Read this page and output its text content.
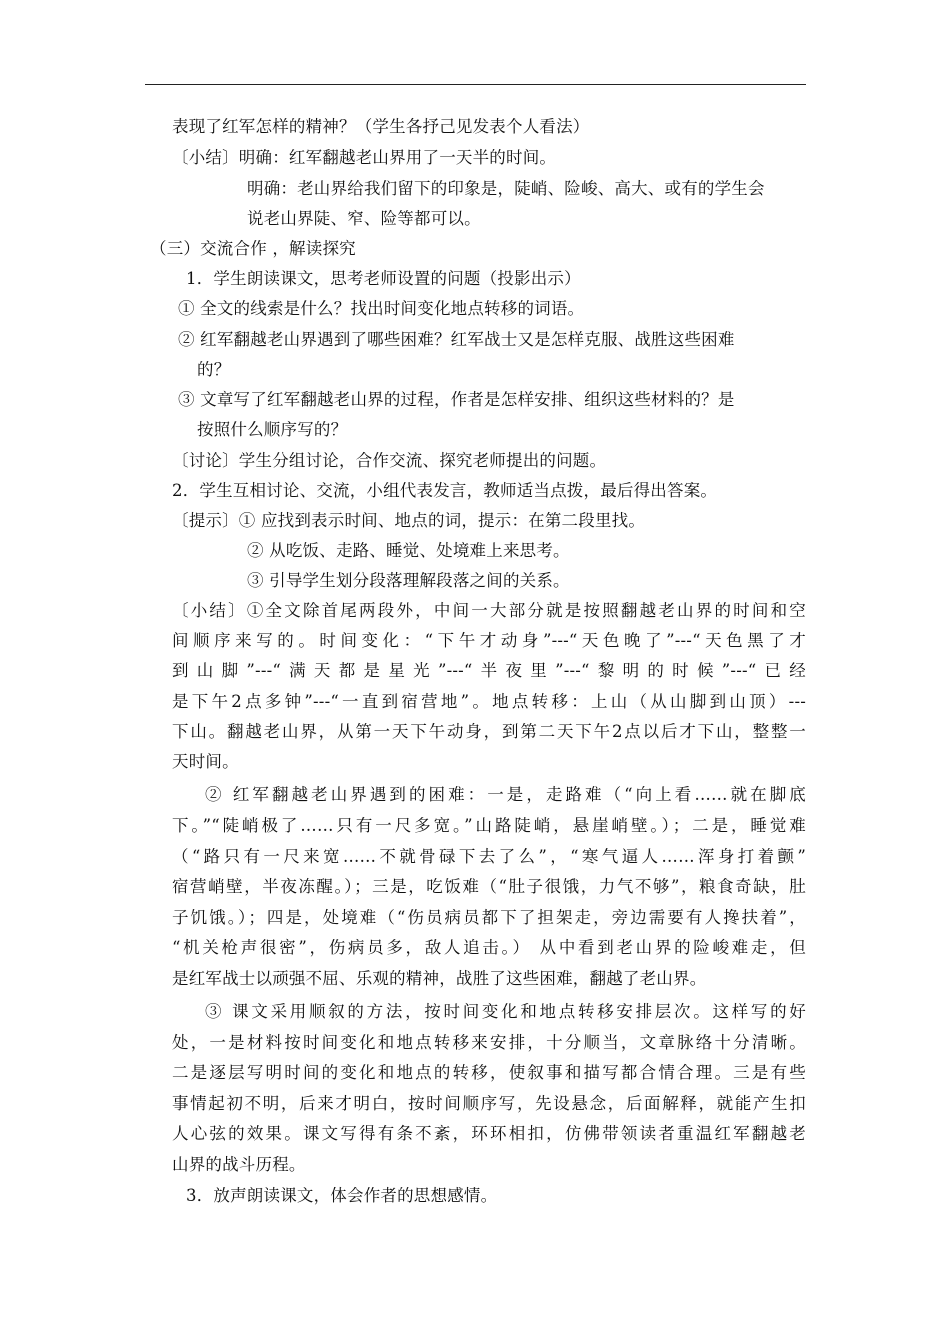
表现了红军怎样的精神？（学生各抒己见发表个人看法）
〔小结〕明确：红军翻越老山界用了一天半的时间。
明确：老山界给我们留下的印象是，陡峭、险峻、高大、或有的学生会
说老山界陡、窄、险等都可以。
（三）交流合作 ，解读探究
1．学生朗读课文，思考老师设置的问题（投影出示）
① 全文的线索是什么？找出时间变化地点转移的词语。
② 红军翻越老山界遇到了哪些困难？红军战士又是怎样克服、战胜这些困难
的？
③ 文章写了红军翻越老山界的过程，作者是怎样安排、组织这些材料的？是
按照什么顺序写的？
〔讨论〕学生分组讨论，合作交流、探究老师提出的问题。
2．学生互相讨论、交流，小组代表发言，教师适当点拨，最后得出答案。
〔提示〕① 应找到表示时间、地点的词，提示：在第二段里找。
② 从吃饭、走路、睡觉、处境难上来思考。
③ 引导学生划分段落理解段落之间的关系。
〔小结〕①全文除首尾两段外，中间一大部分就是按照翻越老山界的时间和空
间顺序来写的。时间变化：“下午才动身”---“天色晚了”---“天色黑了才
到山脚”---“满天都是星光”---“半夜里”---“黎明的时候”---“已经
是下午2点多钟”---“一直到宿营地”。地点转移：上山（从山脚到山顶）---
下山。翻越老山界，从第一天下午动身，到第二天下午2点以后才下山，整整一
天时间。
② 红军翻越老山界遇到的困难：一是，走路难（“向上看……就在脚底
下。”“陡峭极了……只有一尺多宽。”山路陡峭，悬崖峭壁。）；二是，睡觉难
（“路只有一尺来宽……不就骨碌下去了么”，“寒气逼人……浑身打着颤”
宿营峭壁，半夜冻醒。）；三是，吃饭难（“肚子很饿，力气不够”，粮食奇缺，肚
子饥饿。）；四是，处境难（“伤员病员都下了担架走，旁边需要有人搀扶着”，
“机关枪声很密”，伤病员多，敌人追击。） 从中看到老山界的险峻难走，但
是红军战士以顽强不屈、乐观的精神，战胜了这些困难，翻越了老山界。
③ 课文采用顺叙的方法，按时间变化和地点转移安排层次。这样写的好
处，一是材料按时间变化和地点转移来安排，十分顺当，文章脉络十分清晰。
二是逐层写明时间的变化和地点的转移，使叙事和描写都合情合理。三是有些
事情起初不明，后来才明白，按时间顺序写，先设悬念，后面解释，就能产生扣
人心弦的效果。课文写得有条不紊，环环相扣，仿佛带领读者重温红军翻越老
山界的战斗历程。
3．放声朗读课文，体会作者的思想感情。
